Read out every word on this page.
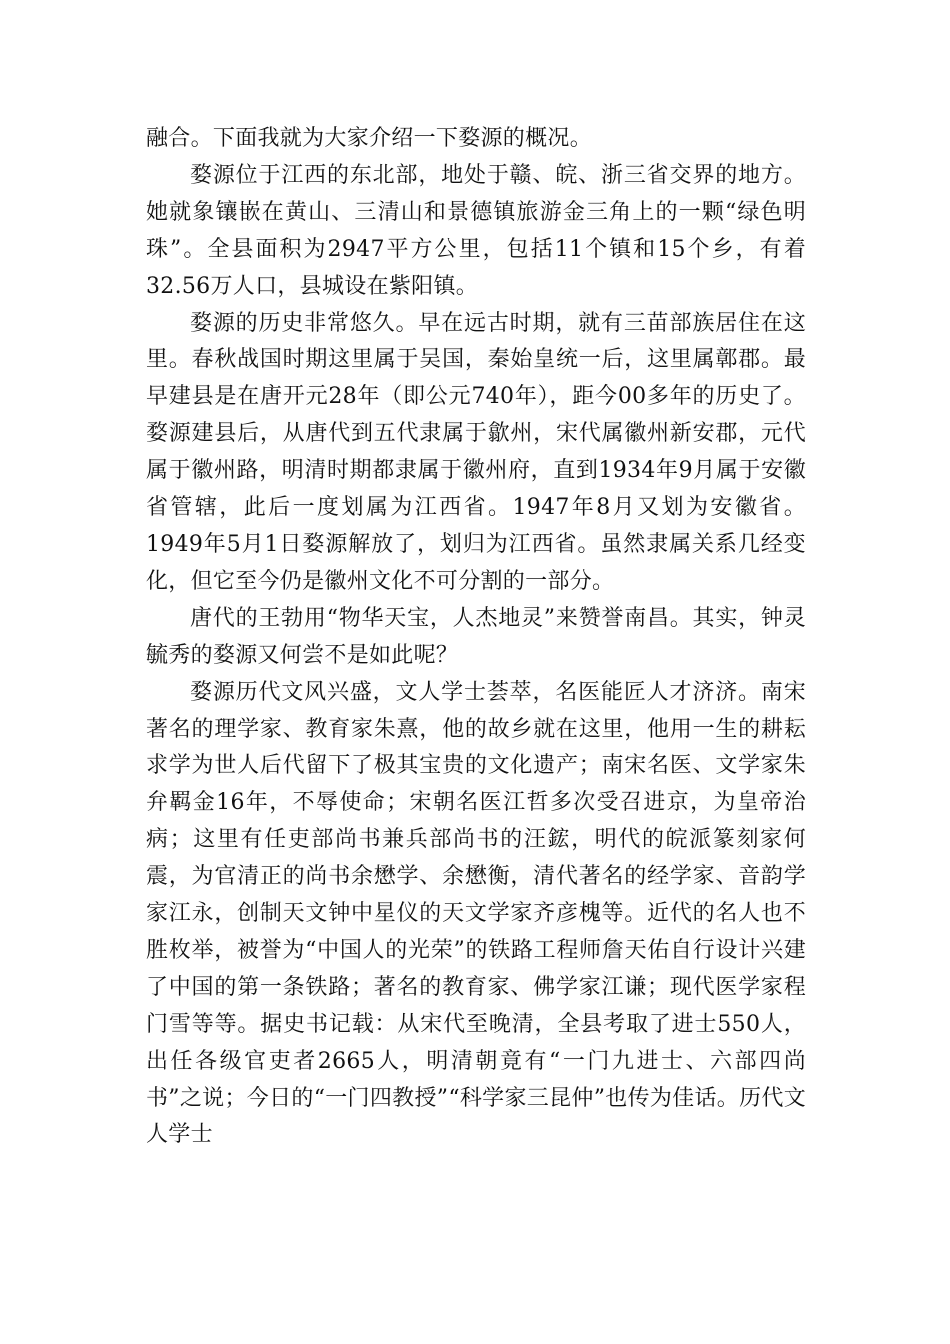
融合。下面我就为大家介绍一下婺源的概况。

婺源位于江西的东北部，地处于赣、皖、浙三省交界的地方。她就象镶嵌在黄山、三清山和景德镇旅游金三角上的一颗“绿色明珠”。全县面积为2947平方公里，包括11个镇和15个乡，有着32.56万人口，县城设在紫阳镇。

婺源的历史非常悠久。早在远古时期，就有三苗部族居住在这里。春秋战国时期这里属于吴国，秦始皇统一后，这里属鄣郡。最早建县是在唐开元28年（即公元740年），距今00多年的历史了。婺源建县后，从唐代到五代隶属于歙州，宋代属徽州新安郡，元代属于徽州路，明清时期都隶属于徽州府，直到1934年9月属于安徽省管辖，此后一度划属为江西省。1947年8月又划为安徽省。1949年5月1日婺源解放了，划归为江西省。虽然隶属关系几经变化，但它至今仍是徽州文化不可分割的一部分。

唐代的王勃用“物华天宝，人杰地灵”来赞誉南昌。其实，钟灵毓秀的婺源又何尝不是如此呢？

婺源历代文风兴盛，文人学士荟萃，名医能匠人才济济。南宋著名的理学家、教育家朱熹，他的故乡就在这里，他用一生的耕耘求学为世人后代留下了极其宝贵的文化遗产；南宋名医、文学家朱弁羁金16年，不辱使命；宋朝名医江哲多次受召进京，为皇帝治病；这里有任吏部尚书兼兵部尚书的汪鋐，明代的皖派篆刻家何震，为官清正的尚书余懋学、余懋衡，清代著名的经学家、音韵学家江永，创制天文钟中星仪的天文学家齐彦槐等。近代的名人也不胜枚举，被誉为“中国人的光荣”的铁路工程师詹天佑自行设计兴建了中国的第一条铁路；著名的教育家、佛学家江谦；现代医学家程门雪等等。据史书记载：从宋代至晚清，全县考取了进士550人，出任各级官吏者2665人，明清朝竟有“一门九进士、六部四尚书”之说；今日的“一门四教授”“科学家三昆仲”也传为佳话。历代文人学士
